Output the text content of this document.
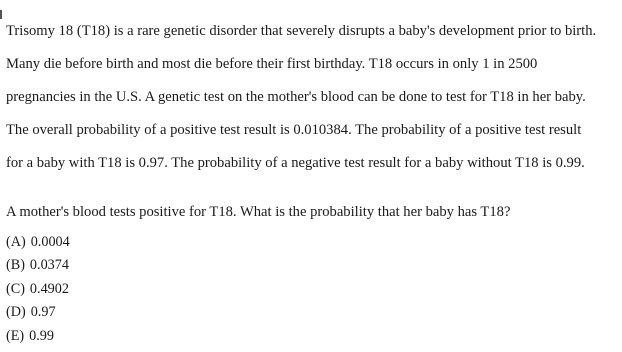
Trisomy 18 (T18) is a rare genetic disorder that severely disrupts a baby's development prior to birth.

Many die before birth and most die before their first birthday. T18 occurs in only 1 in 2500

pregnancies in the U.S. A genetic test on the mother's blood can be done to test for T18 in her baby.

The overall probability of a positive test result is 0.010384. The probability of a positive test result

for a baby with T18 is 0.97. The probability of a negative test result for a baby without T18 is 0.99.

A mother's blood tests positive for T18. What is the probability that her baby has T18?

(A) 0.0004
(B) 0.0374
(C) 0.4902
(D) 0.97
(E) 0.99
